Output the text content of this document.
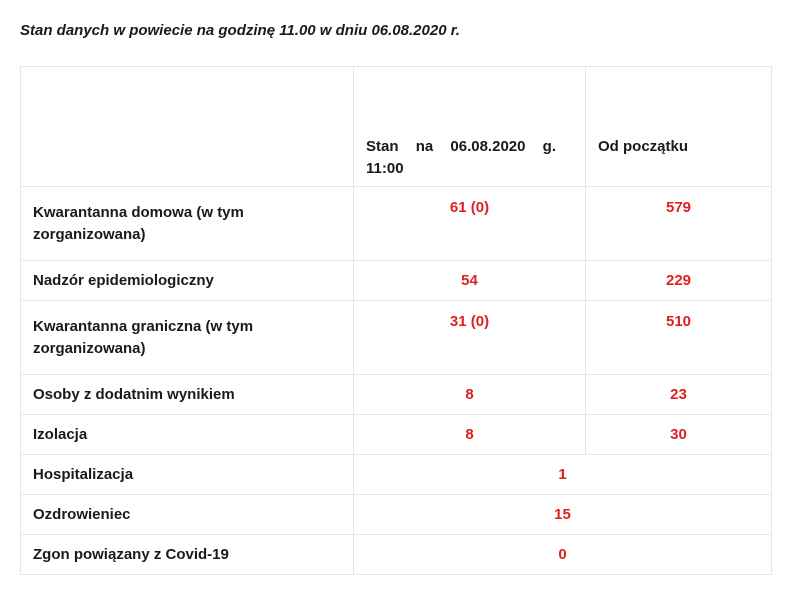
Stan danych w powiecie na godzinę 11.00 w dniu 06.08.2020 r.

	Stan na 06.08.2020 g. 11:00	Od początku

Kwarantanna domowa (w tym zorganizowana)	61 (0)	579
Nadzór epidemiologiczny	54	229
Kwarantanna graniczna (w tym zorganizowana)	31 (0)	510
Osoby z dodatnim wynikiem	8	23
Izolacja	8	30
Hospitalizacja	1	
Ozdrowieniec	15	
Zgon powiązany z Covid-19	0	
